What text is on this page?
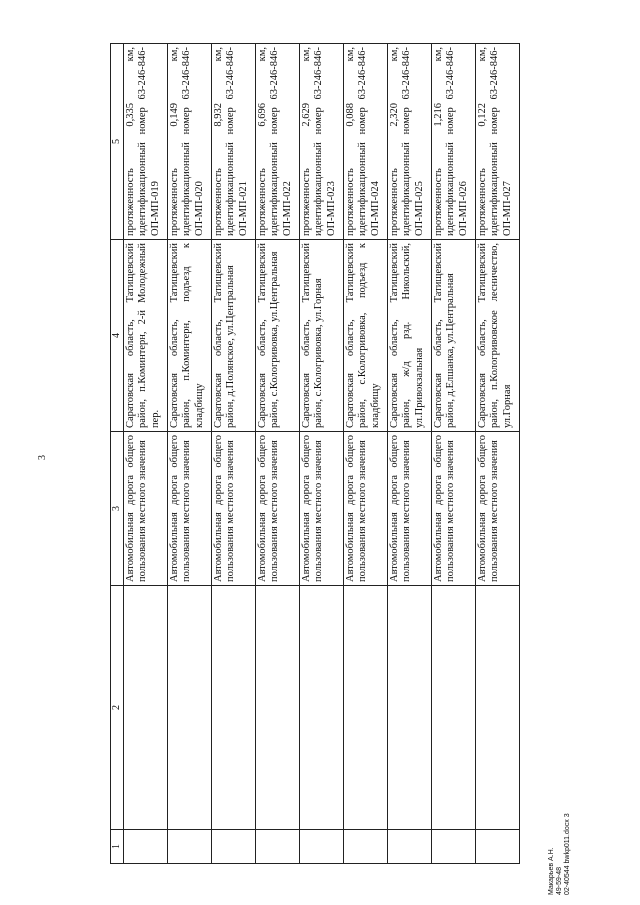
3
1	2	3	4	5
		Автомобильная дорога общего пользования местного значения	Саратовская область, Татищевский район, п.Коминтерн, 2-й Молодежный пер.	протяженность 0,335 км, идентификационный номер 63-246-846-ОП-МП-019
		Автомобильная дорога общего пользования местного значения	Саратовская область, Татищевский район, п.Коминтерн, подъезд к кладбищу	протяженность 0,149 км, идентификационный номер 63-246-846-ОП-МП-020
		Автомобильная дорога общего пользования местного значения	Саратовская область, Татищевский район, д.Полянское, ул.Центральная	протяженность 8,932 км, идентификационный номер 63-246-846-ОП-МП-021
		Автомобильная дорога общего пользования местного значения	Саратовская область, Татищевский район, с.Кологривовка, ул.Центральная	протяженность 6,696 км, идентификационный номер 63-246-846-ОП-МП-022
		Автомобильная дорога общего пользования местного значения	Саратовская область, Татищевский район, с.Кологривовка, ул.Горная	протяженность 2,629 км, идентификационный номер 63-246-846-ОП-МП-023
		Автомобильная дорога общего пользования местного значения	Саратовская область, Татищевский район, с.Кологривовка, подъезд к кладбищу	протяженность 0,088 км, идентификационный номер 63-246-846-ОП-МП-024
		Автомобильная дорога общего пользования местного значения	Саратовская область, Татищевский район, ж/д рзд. Никольский, ул.Привокзальная	протяженность 2,320 км, идентификационный номер 63-246-846-ОП-МП-025
		Автомобильная дорога общего пользования местного значения	Саратовская область, Татищевский район, д.Елшанка, ул.Центральная	протяженность 1,216 км, идентификационный номер 63-246-846-ОП-МП-026
		Автомобильная дорога общего пользования местного значения	Саратовская область, Татищевский район, п.Кологривовское лесничество, ул.Горная	протяженность 0,122 км, идентификационный номер 63-246-846-ОП-МП-027
Макарьев А.Н. 49-59-48 02-40544 bwkp011.docx 3
